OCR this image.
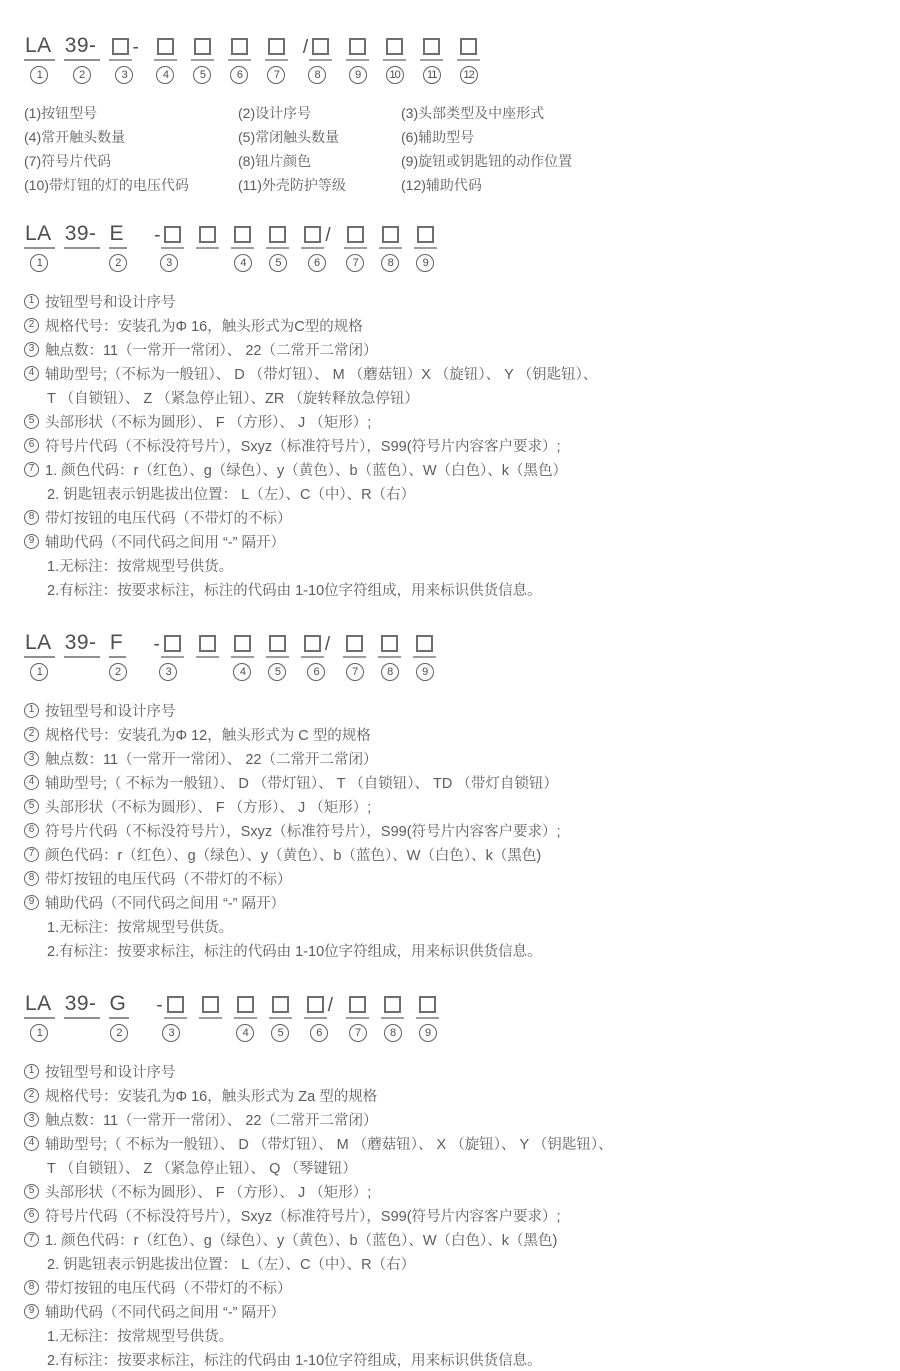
LA
1
39-
2
-
3	4	5	6	7
/
8	9	10	11	12
(1)按钮型号	(2)设计序号	(3)头部类型及中座形式
(4)常开触头数量	(5)常闭触头数量	(6)辅助型号
(7)符号片代码	(8)钮片颜色	(9)旋钮或钥匙钮的动作位置
(10)带灯钮的灯的电压代码	(11)外壳防护等级	(12)辅助代码
LA
1
39- E
2
-
3	4	5
/
6	7	8	9
1 按钮型号和设计序号
2 规格代号：安装孔为Φ 16，触头形式为C型的规格
3 触点数：11（一常开一常闭）、 22（二常开二常闭）
4 辅助型号;（不标为一般钮）、 D （带灯钮）、 M （蘑菇钮）X （旋钮）、 Y （钥匙钮）、
T （自锁钮）、 Z （紧急停止钮）、ZR （旋转释放急停钮）
5 头部形状（不标为圆形）、 F （方形）、 J （矩形）;
6 符号片代码（不标没符号片），Sxyz（标准符号片），S99(符号片内容客户要求）;
7 1. 颜色代码：r（红色）、g（绿色）、y（黄色）、b（蓝色）、W（白色）、k（黑色）
2. 钥匙钮表示钥匙拔出位置： L（左）、C（中）、R（右）
8 带灯按钮的电压代码（不带灯的不标）
9 辅助代码（不同代码之间用 “-” 隔开）
1.无标注：按常规型号供货。
2.有标注：按要求标注，标注的代码由 1-10位字符组成，用来标识供货信息。
LA
1
39- F
2
-
3	4	5
/
6	7	8	9
1 按钮型号和设计序号
2 规格代号：安装孔为Φ 12，触头形式为 C 型的规格
3 触点数：11（一常开一常闭）、 22（二常开二常闭）
4 辅助型号;（ 不标为一般钮）、 D （带灯钮）、 T （自锁钮）、 TD （带灯自锁钮）
5 头部形状（不标为圆形）、 F （方形）、 J （矩形）;
6 符号片代码（不标没符号片），Sxyz（标准符号片），S99(符号片内容客户要求）;
7 颜色代码：r（红色）、g（绿色）、y（黄色）、b（蓝色）、W（白色）、k（黑色)
8 带灯按钮的电压代码（不带灯的不标）
9 辅助代码（不同代码之间用 “-” 隔开）
1.无标注：按常规型号供货。
2.有标注：按要求标注，标注的代码由 1-10位字符组成，用来标识供货信息。
LA
1
39- G
2
-
3	4	5
/
6	7	8	9
1 按钮型号和设计序号
2 规格代号：安装孔为Φ 16，触头形式为 Za 型的规格
3 触点数：11（一常开一常闭）、 22（二常开二常闭）
4 辅助型号;（ 不标为一般钮）、 D （带灯钮）、 M （蘑菇钮）、 X （旋钮）、 Y （钥匙钮）、
T （自锁钮）、 Z （紧急停止钮）、 Q （琴键钮）
5 头部形状（不标为圆形）、 F （方形）、 J （矩形）;
6 符号片代码（不标没符号片），Sxyz（标准符号片），S99(符号片内容客户要求）;
7 1. 颜色代码：r（红色）、g（绿色）、y（黄色）、b（蓝色）、W（白色）、k（黑色)
2. 钥匙钮表示钥匙拔出位置： L（左）、C（中）、R（右）
8 带灯按钮的电压代码（不带灯的不标）
9 辅助代码（不同代码之间用 “-” 隔开）
1.无标注：按常规型号供货。
2.有标注：按要求标注，标注的代码由 1-10位字符组成，用来标识供货信息。
